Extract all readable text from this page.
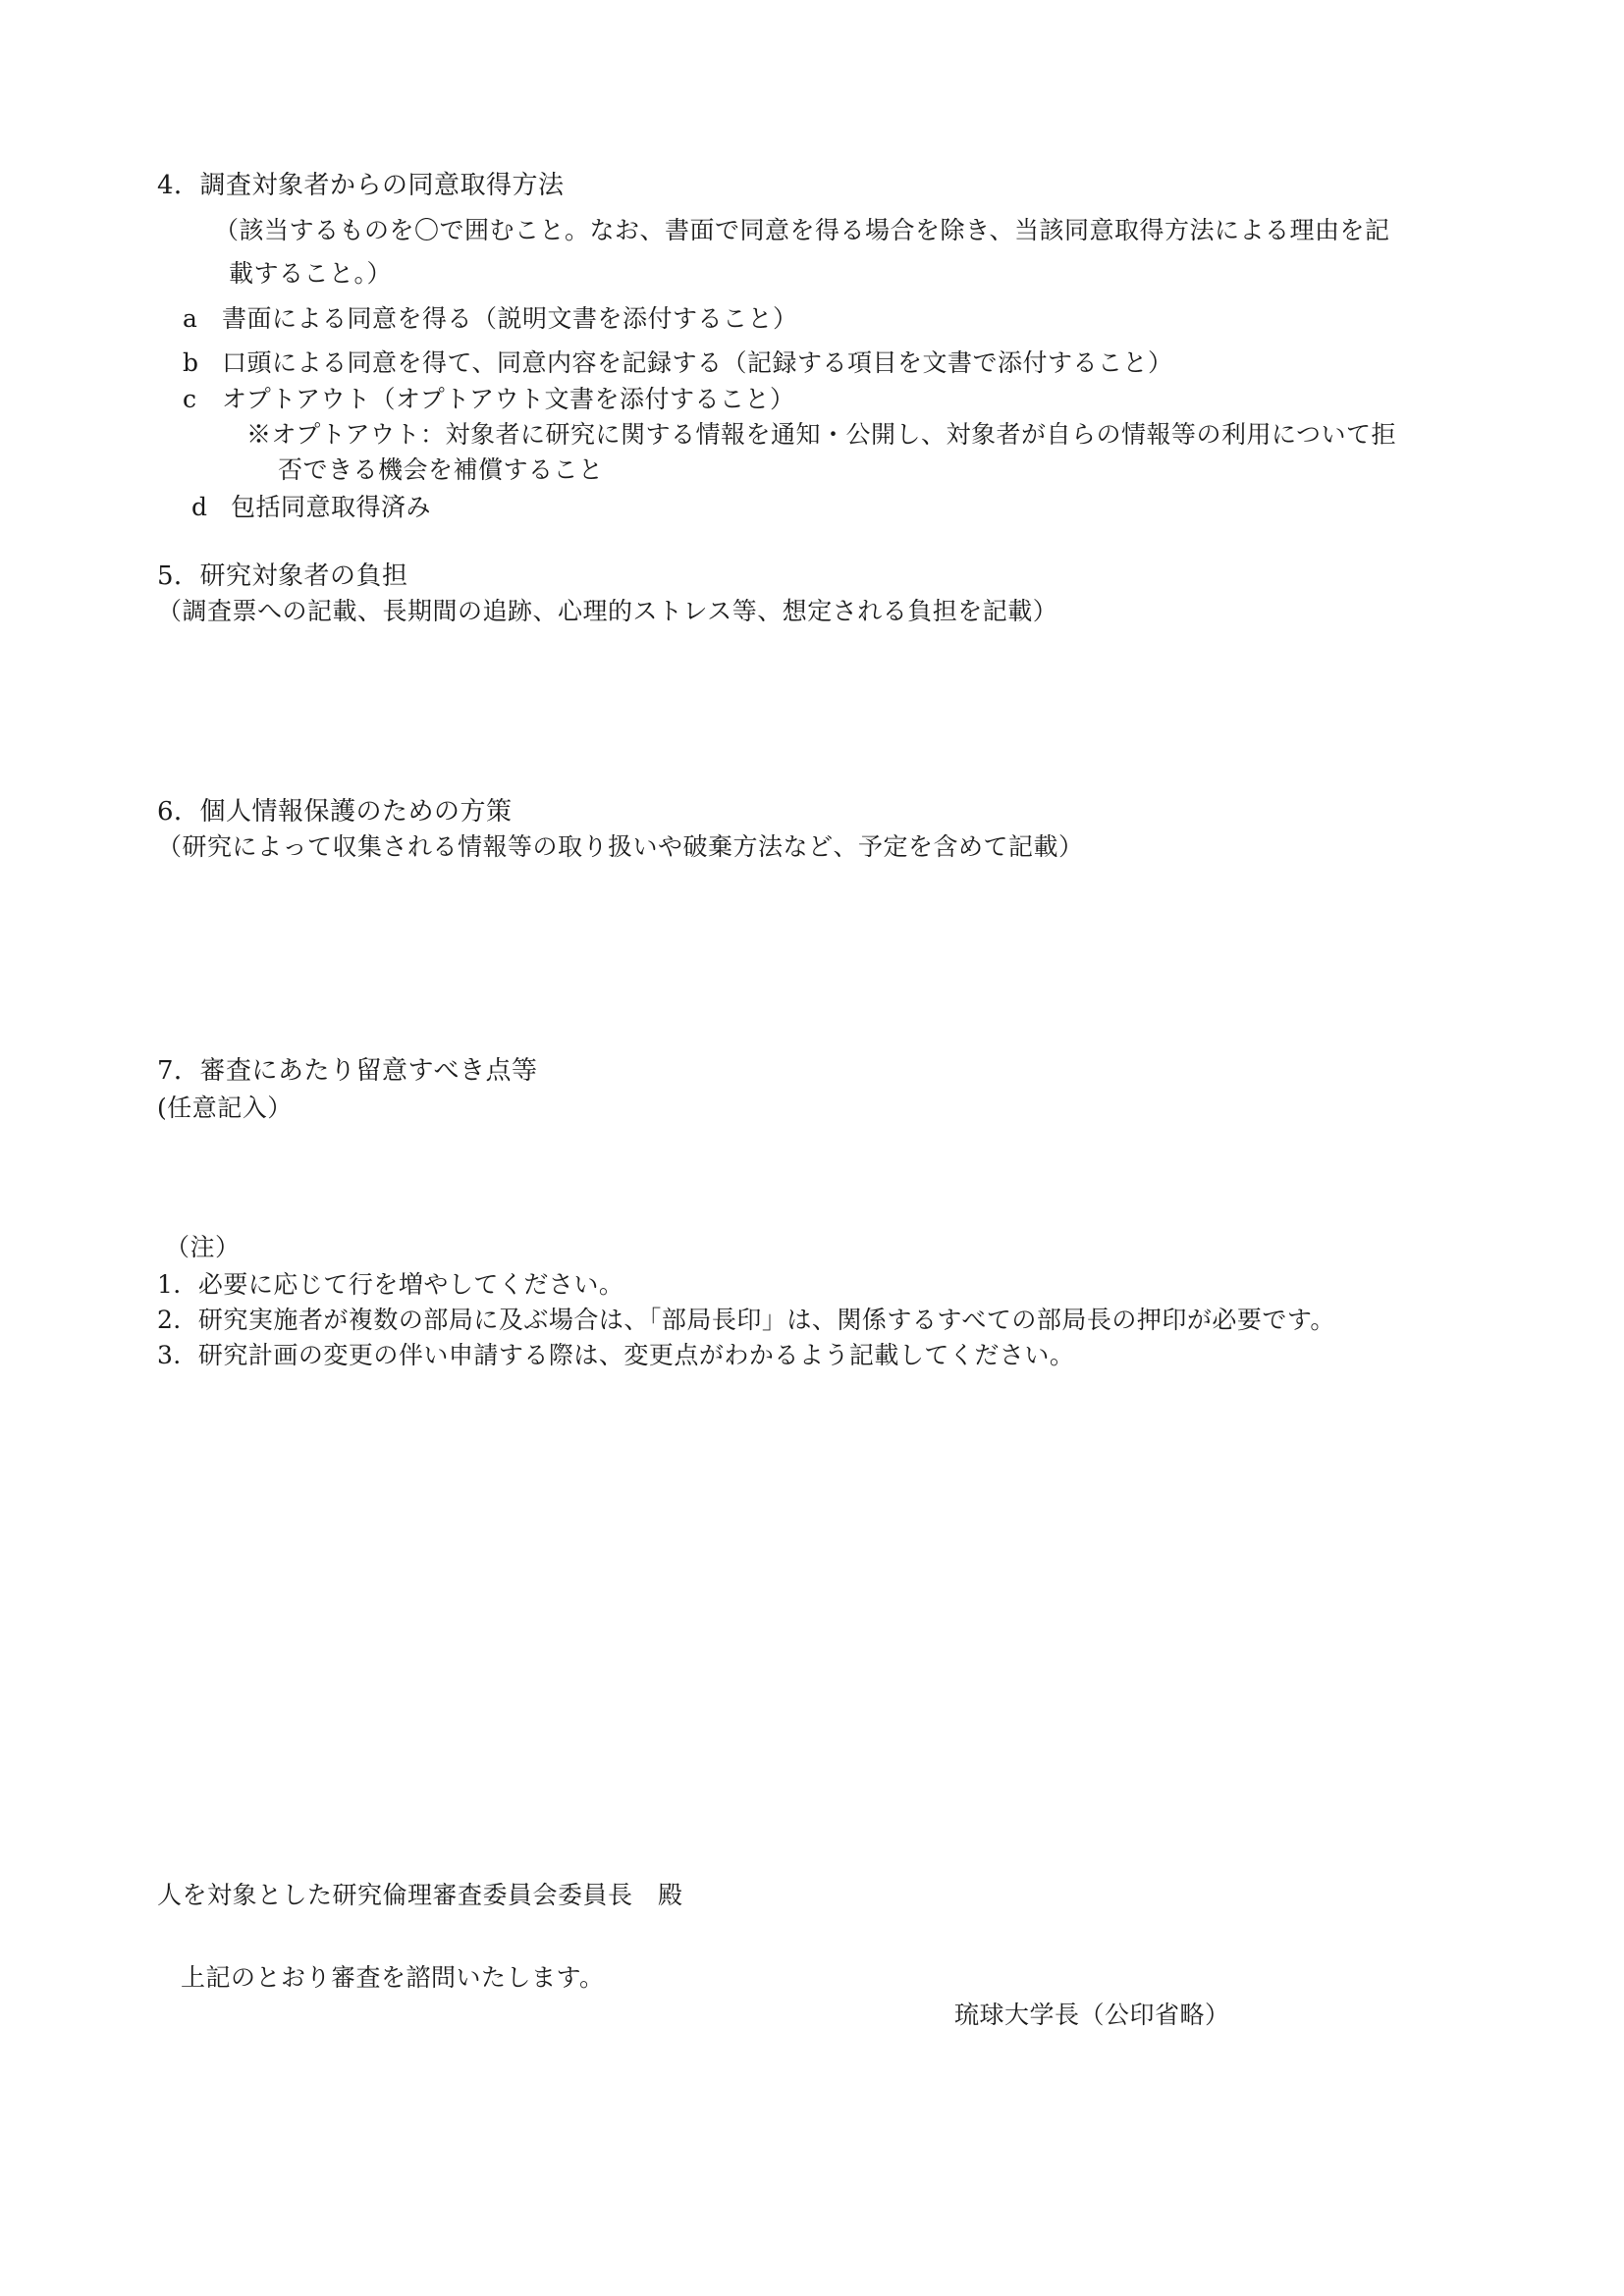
4．調査対象者からの同意取得方法
（該当するものを〇で囲むこと。なお、書面で同意を得る場合を除き、当該同意取得方法による理由を記
載すること。）
a 書面による同意を得る（説明文書を添付すること）
b 口頭による同意を得て、同意内容を記録する（記録する項目を文書で添付すること）
c オプトアウト（オプトアウト文書を添付すること）
※オプトアウト：対象者に研究に関する情報を通知・公開し、対象者が自らの情報等の利用について拒
否できる機会を補償すること
d 包括同意取得済み
5．研究対象者の負担
（調査票への記載、長期間の追跡、心理的ストレス等、想定される負担を記載）
6．個人情報保護のための方策
（研究によって収集される情報等の取り扱いや破棄方法など、予定を含めて記載）
7．審査にあたり留意すべき点等
(任意記入）
（注）
1．必要に応じて行を増やしてください。
2．研究実施者が複数の部局に及ぶ場合は、「部局長印」は、関係するすべての部局長の押印が必要です。
3．研究計画の変更の伴い申請する際は、変更点がわかるよう記載してください。
人を対象とした研究倫理審査委員会委員長　殿
上記のとおり審査を諮問いたします。
琉球大学長（公印省略）
